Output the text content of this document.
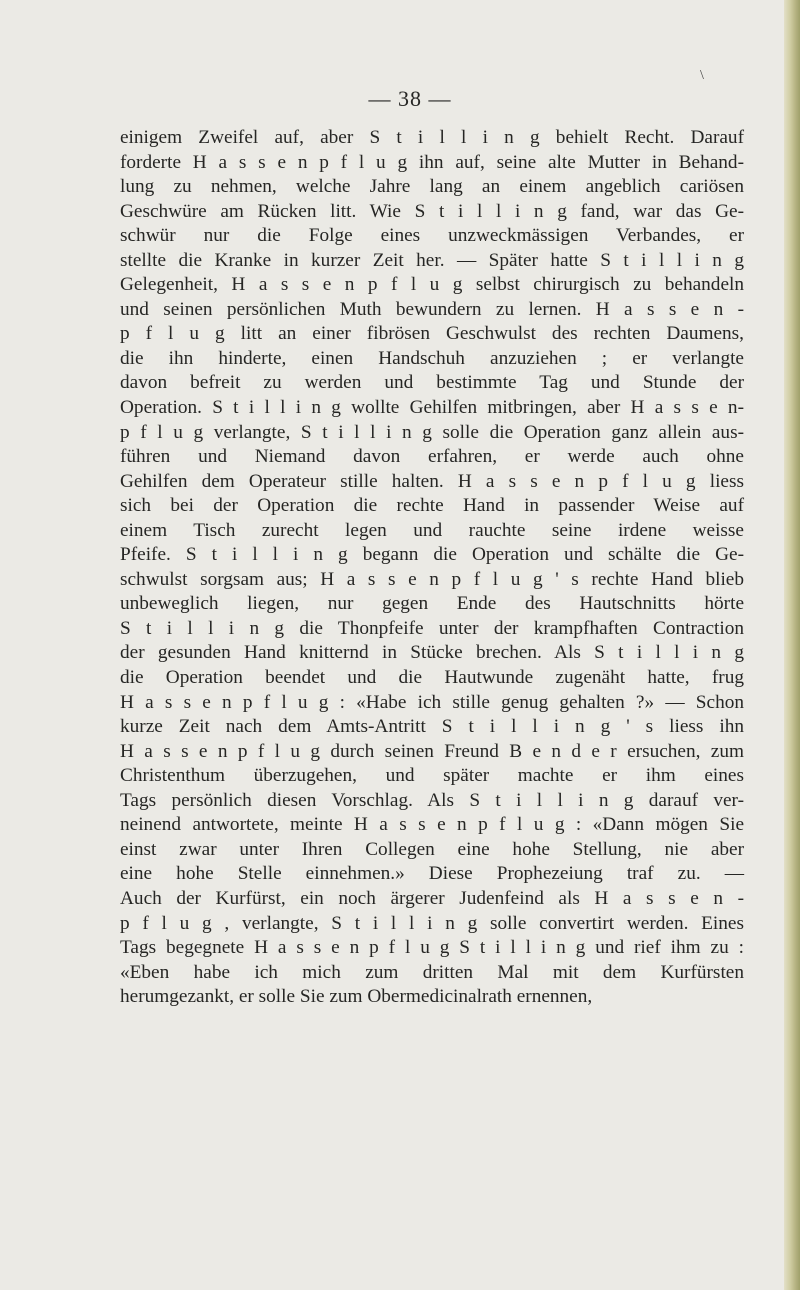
\
— 38 —
einigem Zweifel auf, aber S t i l l i n g behielt Recht. Darauf
forderte H a s s e n p f l u g ihn auf, seine alte Mutter in Behand-
lung zu nehmen, welche Jahre lang an einem angeblich cariösen
Geschwüre am Rücken litt. Wie S t i l l i n g fand, war das Ge-
schwür nur die Folge eines unzweckmässigen Verbandes, er
stellte die Kranke in kurzer Zeit her. — Später hatte S t i l l i n g
Gelegenheit, H a s s e n p f l u g selbst chirurgisch zu behandeln
und seinen persönlichen Muth bewundern zu lernen. H a s s e n -
p f l u g litt an einer fibrösen Geschwulst des rechten Daumens,
die ihn hinderte, einen Handschuh anzuziehen ; er verlangte
davon befreit zu werden und bestimmte Tag und Stunde der
Operation. S t i l l i n g wollte Gehilfen mitbringen, aber H a s s e n-
p f l u g verlangte, S t i l l i n g solle die Operation ganz allein aus-
führen und Niemand davon erfahren, er werde auch ohne
Gehilfen dem Operateur stille halten. H a s s e n p f l u g liess
sich bei der Operation die rechte Hand in passender Weise auf
einem Tisch zurecht legen und rauchte seine irdene weisse
Pfeife. S t i l l i n g begann die Operation und schälte die Ge-
schwulst sorgsam aus; H a s s e n p f l u g ' s rechte Hand blieb
unbeweglich liegen, nur gegen Ende des Hautschnitts hörte
S t i l l i n g die Thonpfeife unter der krampfhaften Contraction
der gesunden Hand knitternd in Stücke brechen. Als S t i l l i n g
die Operation beendet und die Hautwunde zugenäht hatte, frug
H a s s e n p f l u g : «Habe ich stille genug gehalten ?» — Schon
kurze Zeit nach dem Amts-Antritt S t i l l i n g ' s liess ihn
H a s s e n p f l u g durch seinen Freund B e n d e r ersuchen, zum
Christenthum überzugehen, und später machte er ihm eines
Tags persönlich diesen Vorschlag. Als S t i l l i n g darauf ver-
neinend antwortete, meinte H a s s e n p f l u g : «Dann mögen Sie
einst zwar unter Ihren Collegen eine hohe Stellung, nie aber
eine hohe Stelle einnehmen.» Diese Prophezeiung traf zu. —
Auch der Kurfürst, ein noch ärgerer Judenfeind als H a s s e n -
p f l u g , verlangte, S t i l l i n g solle convertirt werden. Eines
Tags begegnete H a s s e n p f l u g S t i l l i n g und rief ihm zu :
«Eben habe ich mich zum dritten Mal mit dem Kurfürsten
herumgezankt, er solle Sie zum Obermedicinalrath ernennen,
